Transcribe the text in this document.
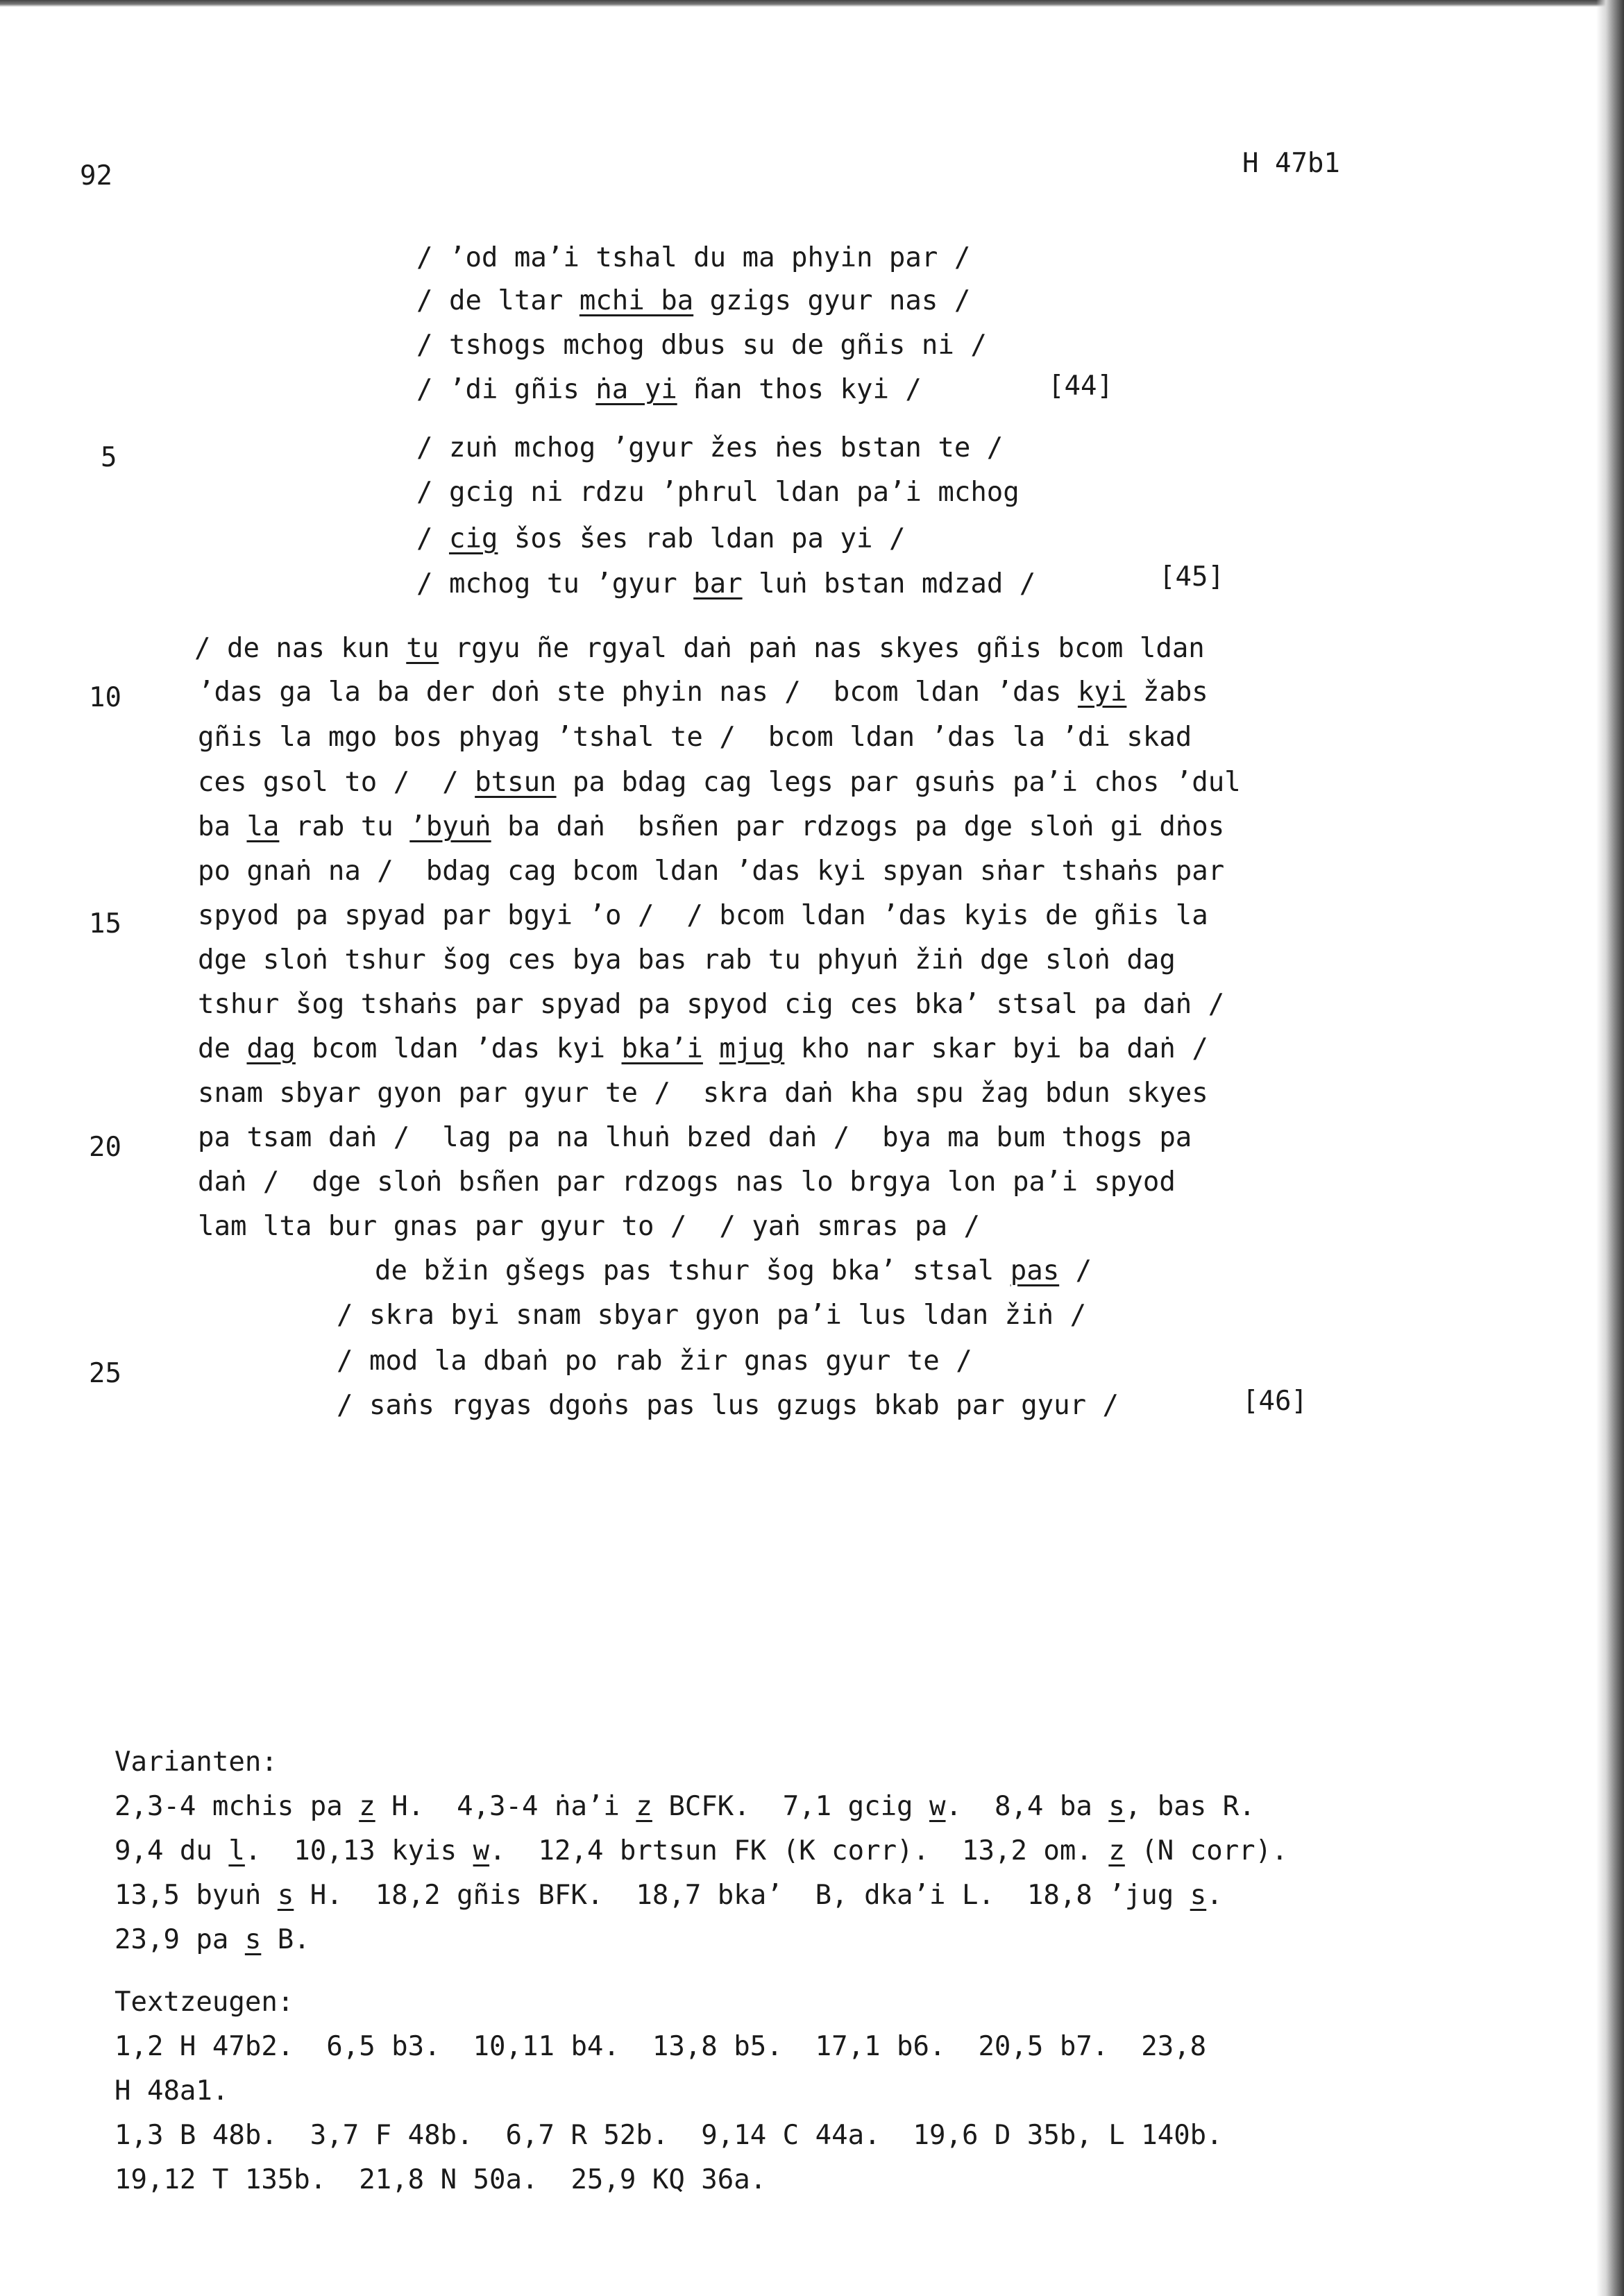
92	H 47b1
5
10
15
20
25
/ ’od ma’i tshal du ma phyin par /
/ de ltar mchi ba gzigs gyur nas /
/ tshogs mchog dbus su de gñis ni /
/ ’di gñis ṅa yi ñan thos kyi /	[44]
/ zuṅ mchog ’gyur žes ṅes bstan te /
/ gcig ni rdzu ’phrul ldan pa’i mchog
/ cig šos šes rab ldan pa yi /
/ mchog tu ’gyur bar luṅ bstan mdzad /	[45]
/ de nas kun tu rgyu ñe rgyal daṅ paṅ nas skyes gñis bcom ldan
’das ga la ba der doṅ ste phyin nas /  bcom ldan ’das kyi žabs
gñis la mgo bos phyag ’tshal te /  bcom ldan ’das la ’di skad
ces gsol to /  / btsun pa bdag cag legs par gsuṅs pa’i chos ’dul
ba la rab tu ’byuṅ ba daṅ  bsñen par rdzogs pa dge sloṅ gi dṅos
po gnaṅ na /  bdag cag bcom ldan ’das kyi spyan sṅar tshaṅs par
spyod pa spyad par bgyi ’o /  / bcom ldan ’das kyis de gñis la
dge sloṅ tshur šog ces bya bas rab tu phyuṅ žiṅ dge sloṅ dag
tshur šog tshaṅs par spyad pa spyod cig ces bka’ stsal pa daṅ /
de dag bcom ldan ’das kyi bka’i mjug kho nar skar byi ba daṅ /
snam sbyar gyon par gyur te /  skra daṅ kha spu žag bdun skyes
pa tsam daṅ /  lag pa na lhuṅ bzed daṅ /  bya ma bum thogs pa
daṅ /  dge sloṅ bsñen par rdzogs nas lo brgya lon pa’i spyod
lam lta bur gnas par gyur to /  / yaṅ smras pa /
de bžin gšegs pas tshur šog bka’ stsal pas /
/ skra byi snam sbyar gyon pa’i lus ldan žiṅ /
/ mod la dbaṅ po rab žir gnas gyur te /
/ saṅs rgyas dgoṅs pas lus gzugs bkab par gyur /	[46]
Varianten:
2,3-4 mchis pa z H.  4,3-4 ṅa’i z BCFK.  7,1 gcig w.  8,4 ba s, bas R.
9,4 du l.  10,13 kyis w.  12,4 brtsun FK (K corr).  13,2 om. z (N corr).
13,5 byuṅ s H.  18,2 gñis BFK.  18,7 bka’  B, dka’i L.  18,8 ’jug s.
23,9 pa s B.
Textzeugen:
1,2 H 47b2.  6,5 b3.  10,11 b4.  13,8 b5.  17,1 b6.  20,5 b7.  23,8
H 48a1.
1,3 B 48b.  3,7 F 48b.  6,7 R 52b.  9,14 C 44a.  19,6 D 35b, L 140b.
19,12 T 135b.  21,8 N 50a.  25,9 KQ 36a.
